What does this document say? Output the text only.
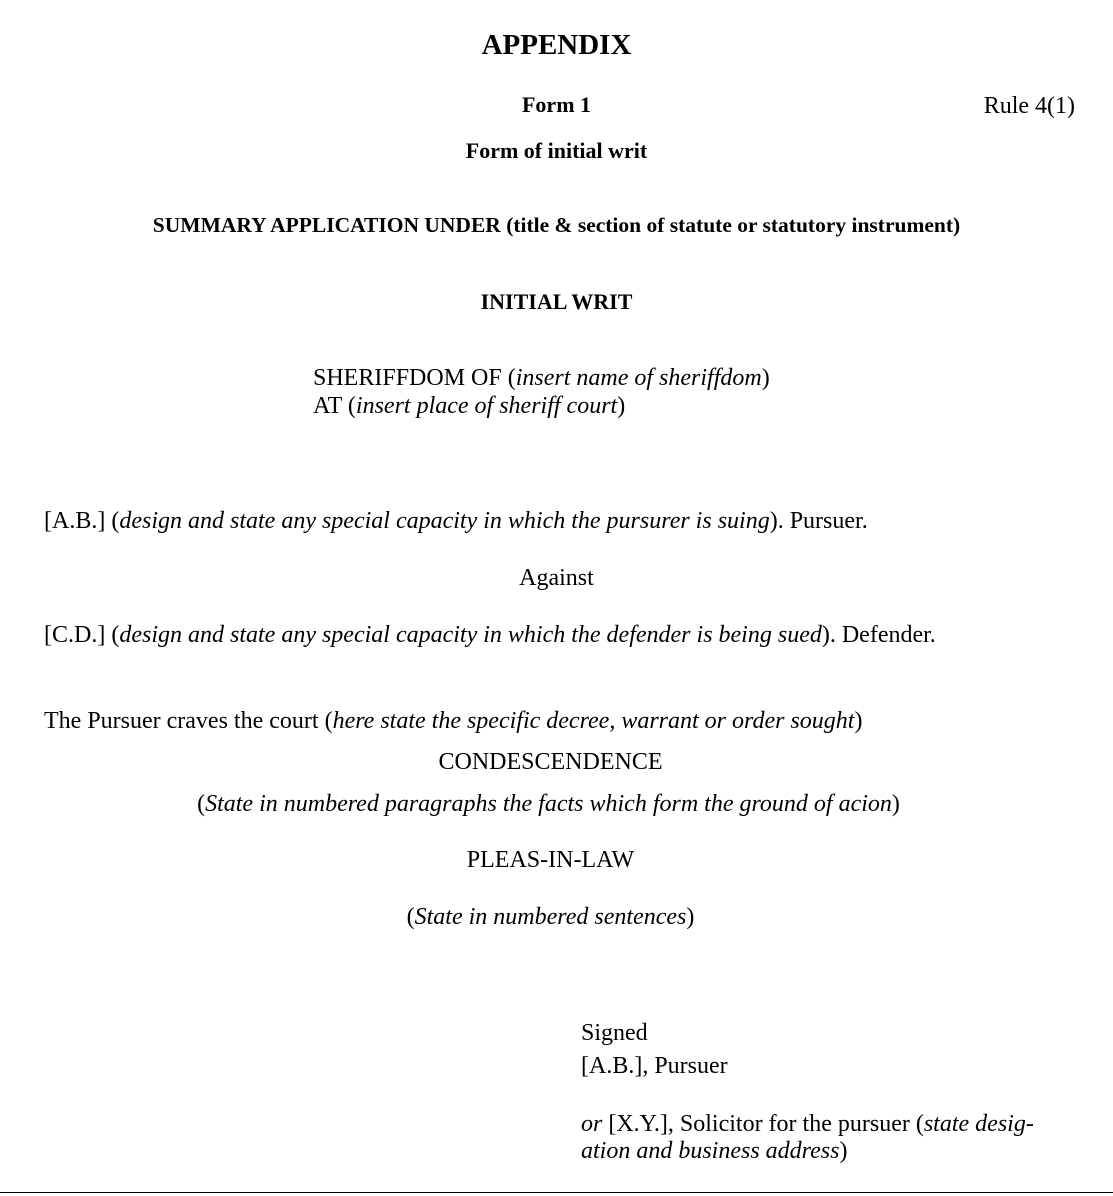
APPENDIX
Form 1	Rule 4(1)
Form of initial writ
SUMMARY APPLICATION UNDER (title & section of statute or statutory instrument)
INITIAL WRIT
SHERIFFDOM OF (insert name of sheriffdom)
AT (insert place of sheriff court)
[A.B.] (design and state any special capacity in which the pursurer is suing). Pursuer.
Against
[C.D.] (design and state any special capacity in which the defender is being sued). Defender.
The Pursuer craves the court (here state the specific decree, warrant or order sought)
CONDESCENDENCE
(State in numbered paragraphs the facts which form the ground of acion)
PLEAS-IN-LAW
(State in numbered sentences)
Signed
[A.B.], Pursuer
or [X.Y.], Solicitor for the pursuer (state desig-
ation and business address)
